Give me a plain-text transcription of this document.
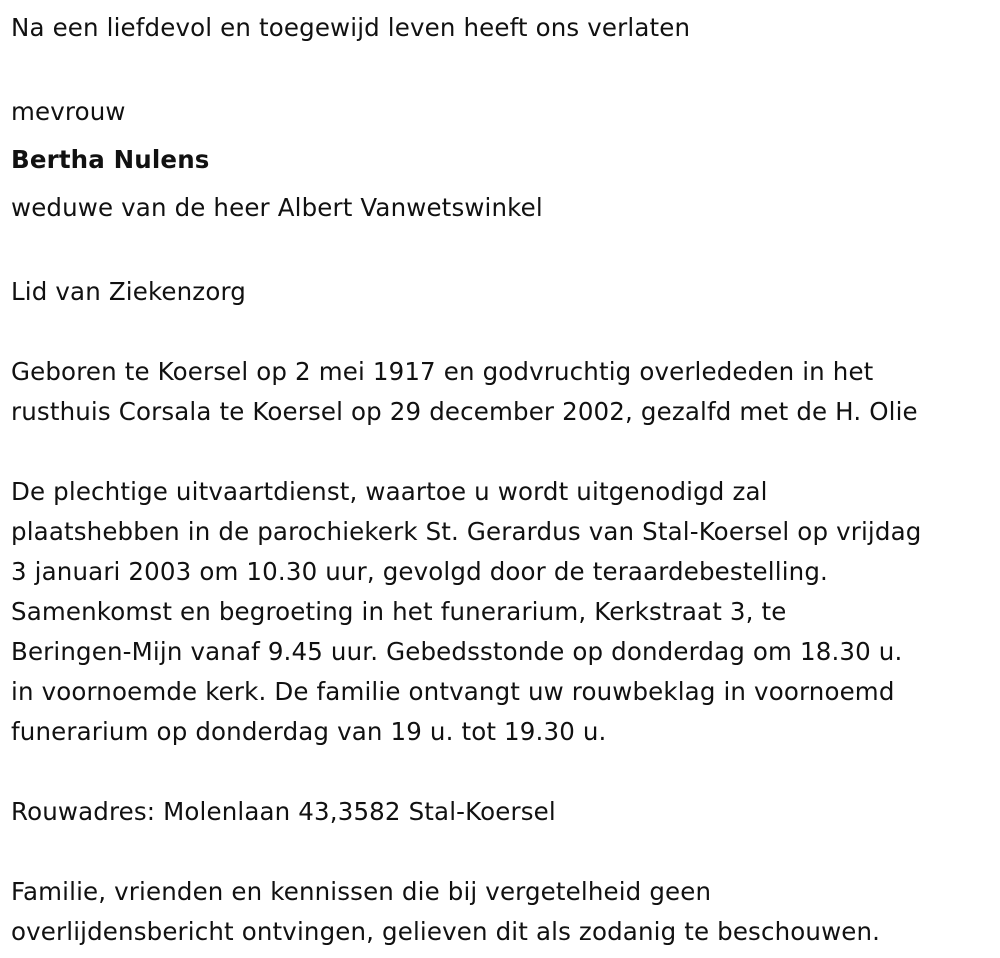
Na een liefdevol en toegewijd leven heeft ons verlaten

mevrouw

Bertha Nulens

weduwe van de heer Albert Vanwetswinkel

Lid van Ziekenzorg

Geboren te Koersel op 2 mei 1917 en godvruchtig overlededen in het

rusthuis Corsala te Koersel op 29 december 2002, gezalfd met de H. Olie

De plechtige uitvaartdienst, waartoe u wordt uitgenodigd zal

plaatshebben in de parochiekerk St. Gerardus van Stal-Koersel op vrijdag

3 januari 2003 om 10.30 uur, gevolgd door de teraardebestelling.

Samenkomst en begroeting in het funerarium, Kerkstraat 3, te

Beringen-Mijn vanaf 9.45 uur. Gebedsstonde op donderdag om 18.30 u.

in voornoemde kerk. De familie ontvangt uw rouwbeklag in voornoemd

funerarium op donderdag van 19 u. tot 19.30 u.

Rouwadres: Molenlaan 43,3582 Stal-Koersel

Familie, vrienden en kennissen die bij vergetelheid geen

overlijdensbericht ontvingen, gelieven dit als zodanig te beschouwen.
